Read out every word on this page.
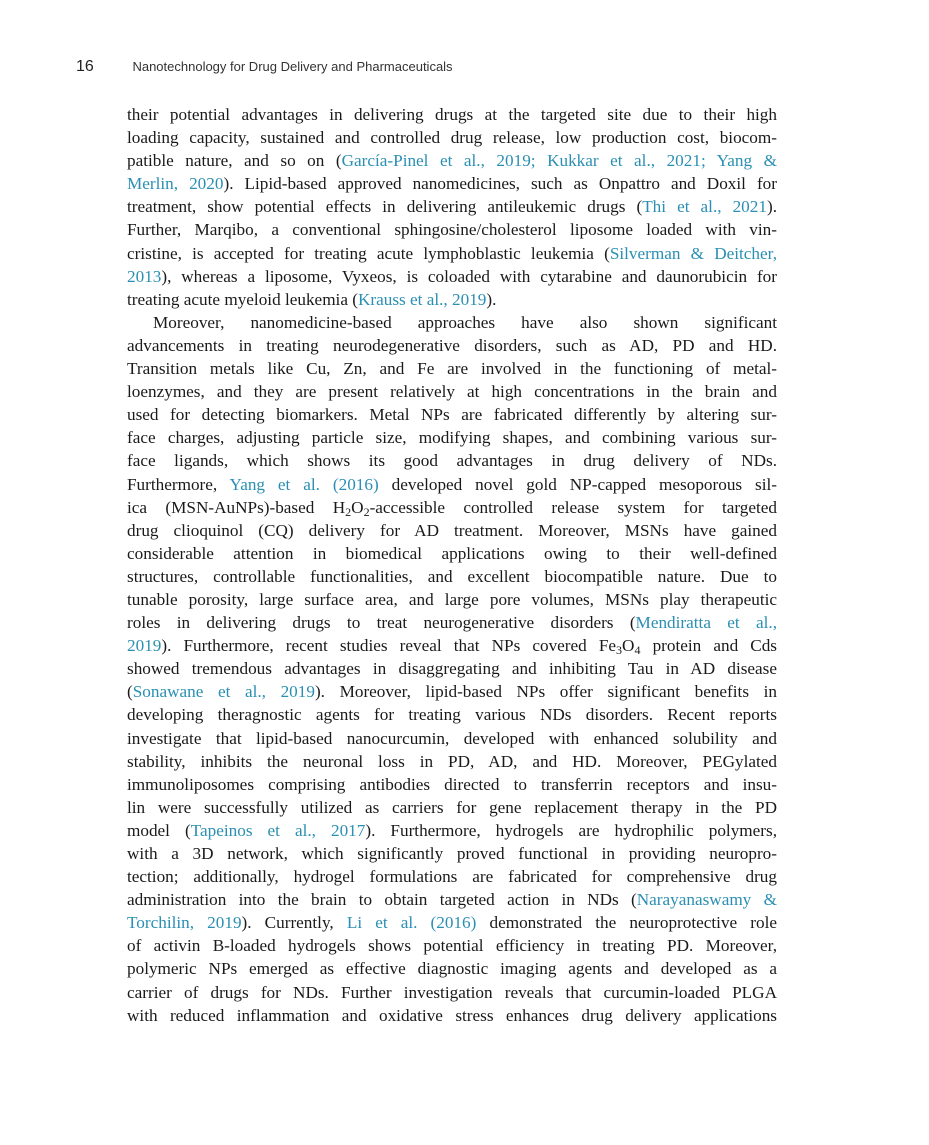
16	Nanotechnology for Drug Delivery and Pharmaceuticals
their potential advantages in delivering drugs at the targeted site due to their high
loading capacity, sustained and controlled drug release, low production cost, biocom-
patible nature, and so on (García-Pinel et al., 2019; Kukkar et al., 2021; Yang &
Merlin, 2020). Lipid-based approved nanomedicines, such as Onpattro and Doxil for
treatment, show potential effects in delivering antileukemic drugs (Thi et al., 2021).
Further, Marqibo, a conventional sphingosine/cholesterol liposome loaded with vin-
cristine, is accepted for treating acute lymphoblastic leukemia (Silverman & Deitcher,
2013), whereas a liposome, Vyxeos, is coloaded with cytarabine and daunorubicin for
treating acute myeloid leukemia (Krauss et al., 2019).
Moreover, nanomedicine-based approaches have also shown significant
advancements in treating neurodegenerative disorders, such as AD, PD and HD.
Transition metals like Cu, Zn, and Fe are involved in the functioning of metal-
loenzymes, and they are present relatively at high concentrations in the brain and
used for detecting biomarkers. Metal NPs are fabricated differently by altering sur-
face charges, adjusting particle size, modifying shapes, and combining various sur-
face ligands, which shows its good advantages in drug delivery of NDs.
Furthermore, Yang et al. (2016) developed novel gold NP-capped mesoporous sil-
ica (MSN-AuNPs)-based $H_2O_2$-accessible controlled release system for targeted
drug clioquinol (CQ) delivery for AD treatment. Moreover, MSNs have gained
considerable attention in biomedical applications owing to their well-defined
structures, controllable functionalities, and excellent biocompatible nature. Due to
tunable porosity, large surface area, and large pore volumes, MSNs play therapeutic
roles in delivering drugs to treat neurogenerative disorders (Mendiratta et al.,
2019). Furthermore, recent studies reveal that NPs covered $Fe_3O_4$ protein and Cds
showed tremendous advantages in disaggregating and inhibiting Tau in AD disease
(Sonawane et al., 2019). Moreover, lipid-based NPs offer significant benefits in
developing theragnostic agents for treating various NDs disorders. Recent reports
investigate that lipid-based nanocurcumin, developed with enhanced solubility and
stability, inhibits the neuronal loss in PD, AD, and HD. Moreover, PEGylated
immunoliposomes comprising antibodies directed to transferrin receptors and insu-
lin were successfully utilized as carriers for gene replacement therapy in the PD
model (Tapeinos et al., 2017). Furthermore, hydrogels are hydrophilic polymers,
with a 3D network, which significantly proved functional in providing neuropro-
tection; additionally, hydrogel formulations are fabricated for comprehensive drug
administration into the brain to obtain targeted action in NDs (Narayanaswamy &
Torchilin, 2019). Currently, Li et al. (2016) demonstrated the neuroprotective role
of activin B-loaded hydrogels shows potential efficiency in treating PD. Moreover,
polymeric NPs emerged as effective diagnostic imaging agents and developed as a
carrier of drugs for NDs. Further investigation reveals that curcumin-loaded PLGA
with reduced inflammation and oxidative stress enhances drug delivery applications
